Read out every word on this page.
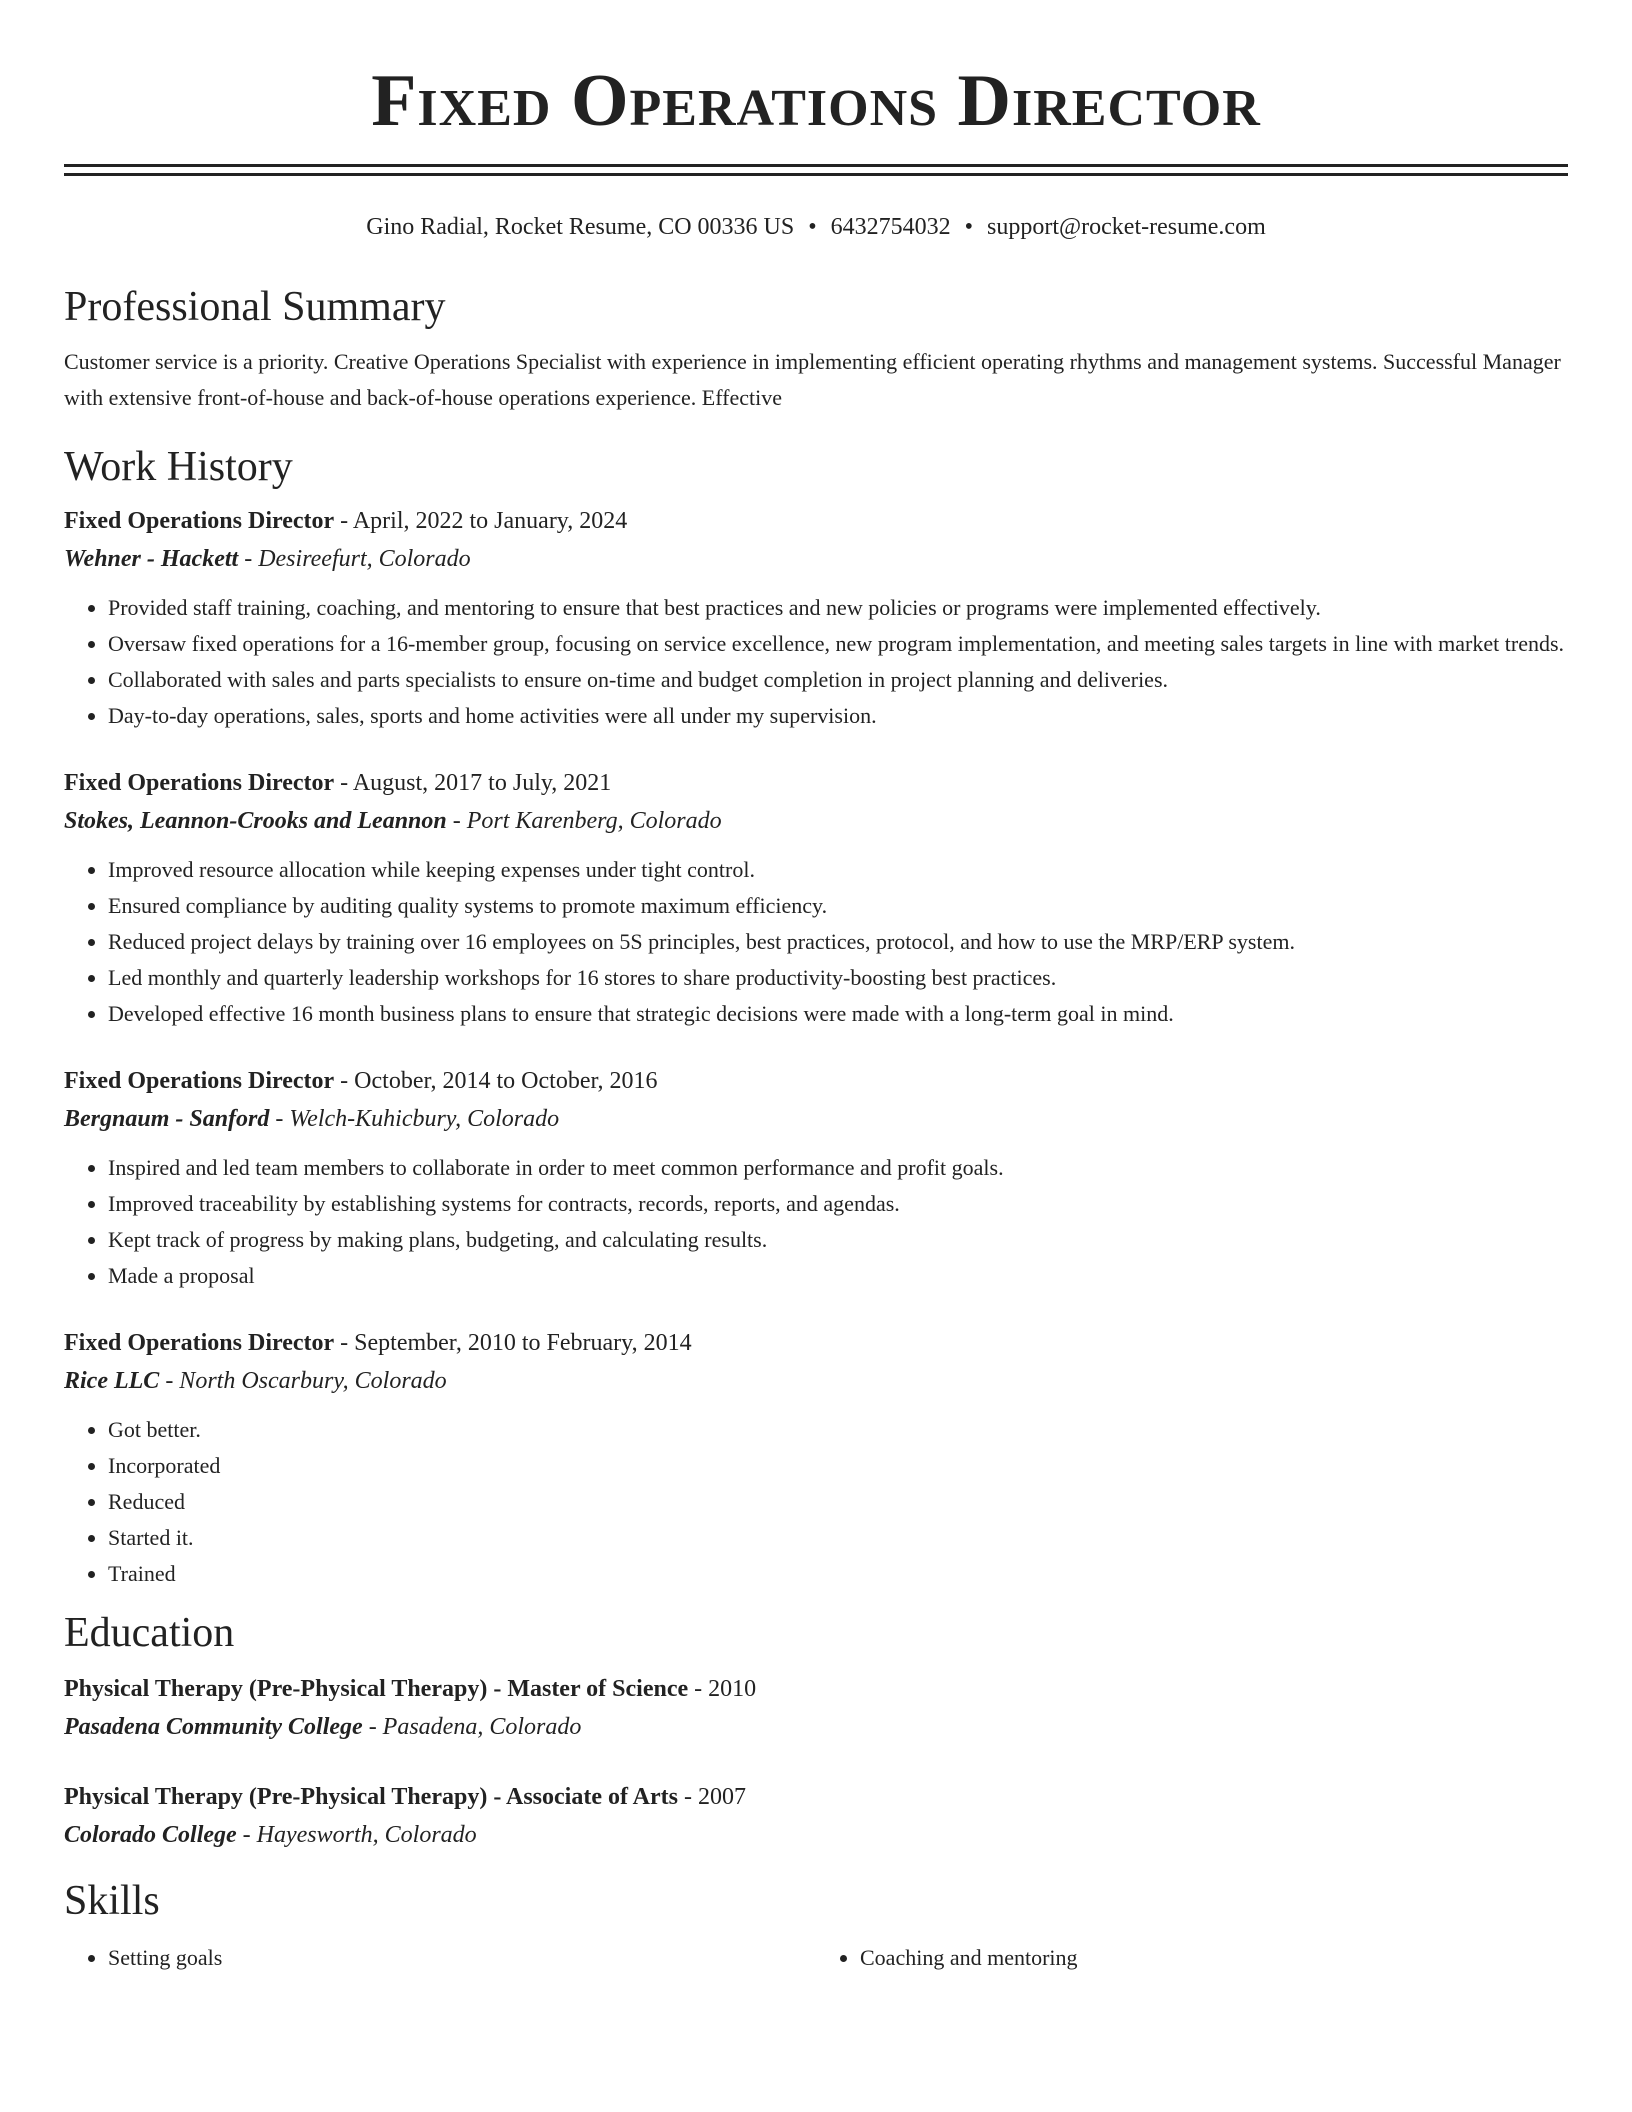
Fixed Operations Director
Gino Radial, Rocket Resume, CO 00336 US • 6432754032 • support@rocket-resume.com
Professional Summary

Customer service is a priority. Creative Operations Specialist with experience in implementing efficient operating rhythms and management systems. Successful Manager with extensive front-of-house and back-of-house operations experience. Effective

Work History

Fixed Operations Director - April, 2022 to January, 2024

Wehner - Hackett - Desireefurt, Colorado

• Provided staff training, coaching, and mentoring to ensure that best practices and new policies or programs were implemented effectively.
• Oversaw fixed operations for a 16-member group, focusing on service excellence, new program implementation, and meeting sales targets in line with market trends.
• Collaborated with sales and parts specialists to ensure on-time and budget completion in project planning and deliveries.
• Day-to-day operations, sales, sports and home activities were all under my supervision.

Fixed Operations Director - August, 2017 to July, 2021

Stokes, Leannon-Crooks and Leannon - Port Karenberg, Colorado

• Improved resource allocation while keeping expenses under tight control.
• Ensured compliance by auditing quality systems to promote maximum efficiency.
• Reduced project delays by training over 16 employees on 5S principles, best practices, protocol, and how to use the MRP/ERP system.
• Led monthly and quarterly leadership workshops for 16 stores to share productivity-boosting best practices.
• Developed effective 16 month business plans to ensure that strategic decisions were made with a long-term goal in mind.

Fixed Operations Director - October, 2014 to October, 2016

Bergnaum - Sanford - Welch-Kuhicbury, Colorado

• Inspired and led team members to collaborate in order to meet common performance and profit goals.
• Improved traceability by establishing systems for contracts, records, reports, and agendas.
• Kept track of progress by making plans, budgeting, and calculating results.
• Made a proposal

Fixed Operations Director - September, 2010 to February, 2014

Rice LLC - North Oscarbury, Colorado

• Got better.
• Incorporated
• Reduced
• Started it.
• Trained
Education

Physical Therapy (Pre-Physical Therapy) - Master of Science - 2010

Pasadena Community College - Pasadena, Colorado

Physical Therapy (Pre-Physical Therapy) - Associate of Arts - 2007

Colorado College - Hayesworth, Colorado

Skills
• Setting goals
•	Coaching and mentoring
